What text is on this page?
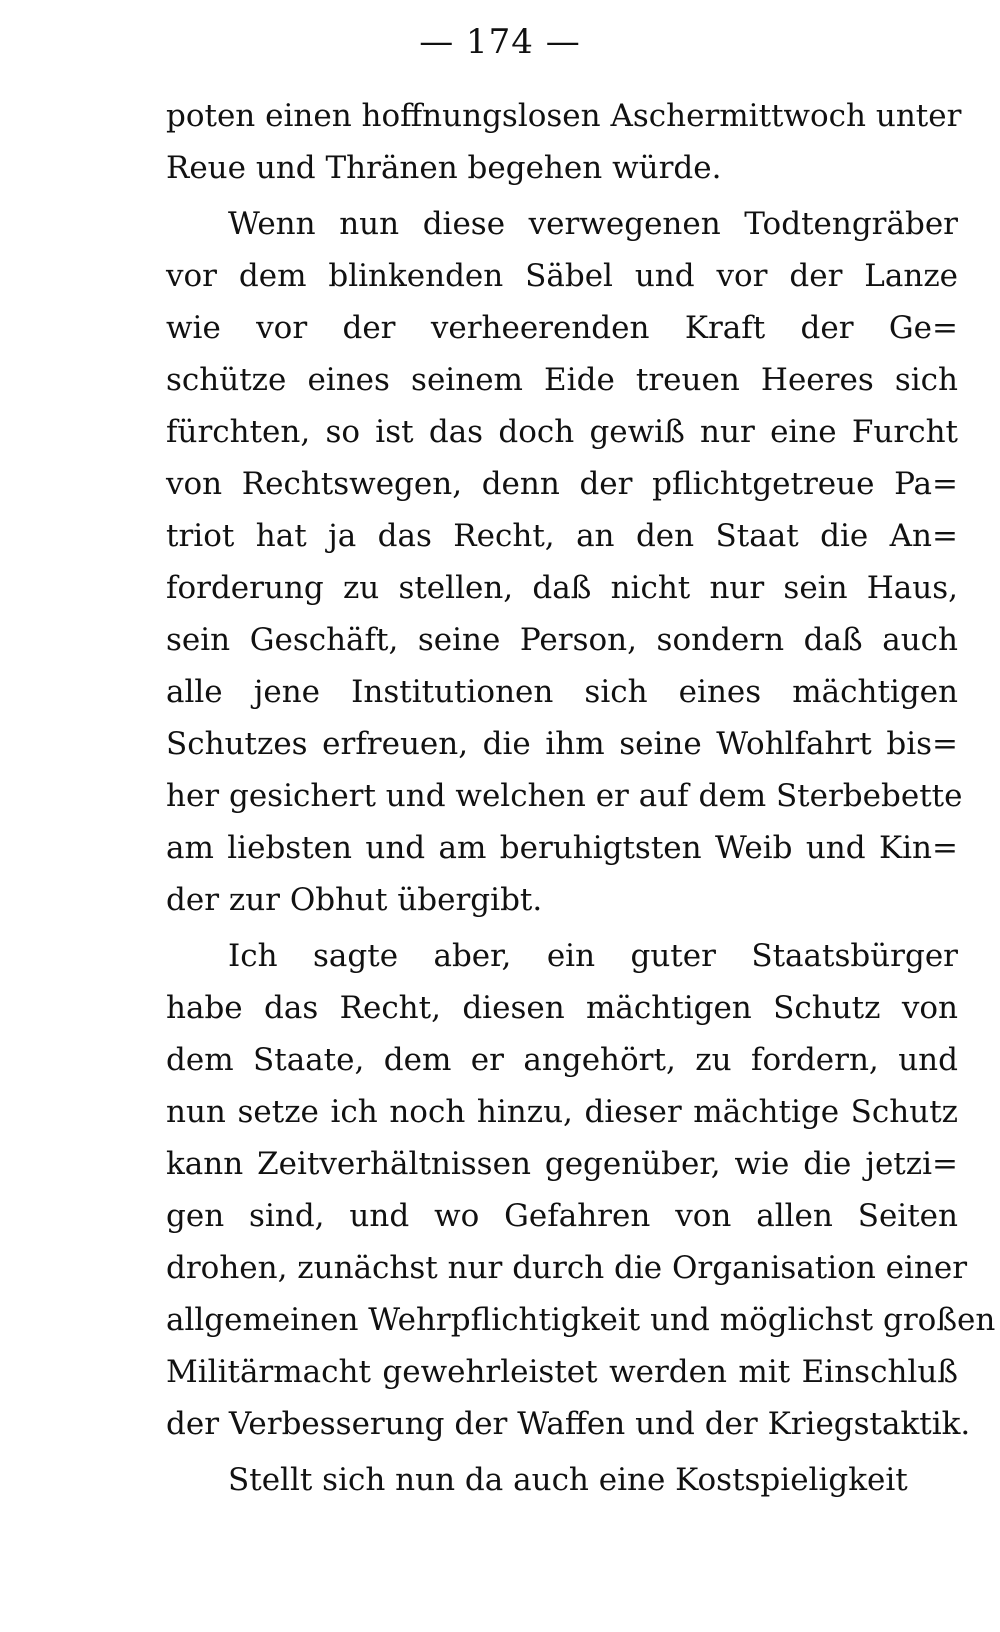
— 174 —
poten einen hoffnungslosen Aschermittwoch unter
Reue und Thränen begehen würde.
Wenn nun diese verwegenen Todtengräber
vor dem blinkenden Säbel und vor der Lanze
wie vor der verheerenden Kraft der Ge=
schütze eines seinem Eide treuen Heeres sich
fürchten, so ist das doch gewiß nur eine Furcht
von Rechtswegen, denn der pflichtgetreue Pa=
triot hat ja das Recht, an den Staat die An=
forderung zu stellen, daß nicht nur sein Haus,
sein Geschäft, seine Person, sondern daß auch
alle jene Institutionen sich eines mächtigen
Schutzes erfreuen, die ihm seine Wohlfahrt bis=
her gesichert und welchen er auf dem Sterbebette
am liebsten und am beruhigtsten Weib und Kin=
der zur Obhut übergibt.
Ich sagte aber, ein guter Staatsbürger
habe das Recht, diesen mächtigen Schutz von
dem Staate, dem er angehört, zu fordern, und
nun setze ich noch hinzu, dieser mächtige Schutz
kann Zeitverhältnissen gegenüber, wie die jetzi=
gen sind, und wo Gefahren von allen Seiten
drohen, zunächst nur durch die Organisation einer
allgemeinen Wehrpflichtigkeit und möglichst großen
Militärmacht gewehrleistet werden mit Einschluß
der Verbesserung der Waffen und der Kriegstaktik.
Stellt sich nun da auch eine Kostspieligkeit
